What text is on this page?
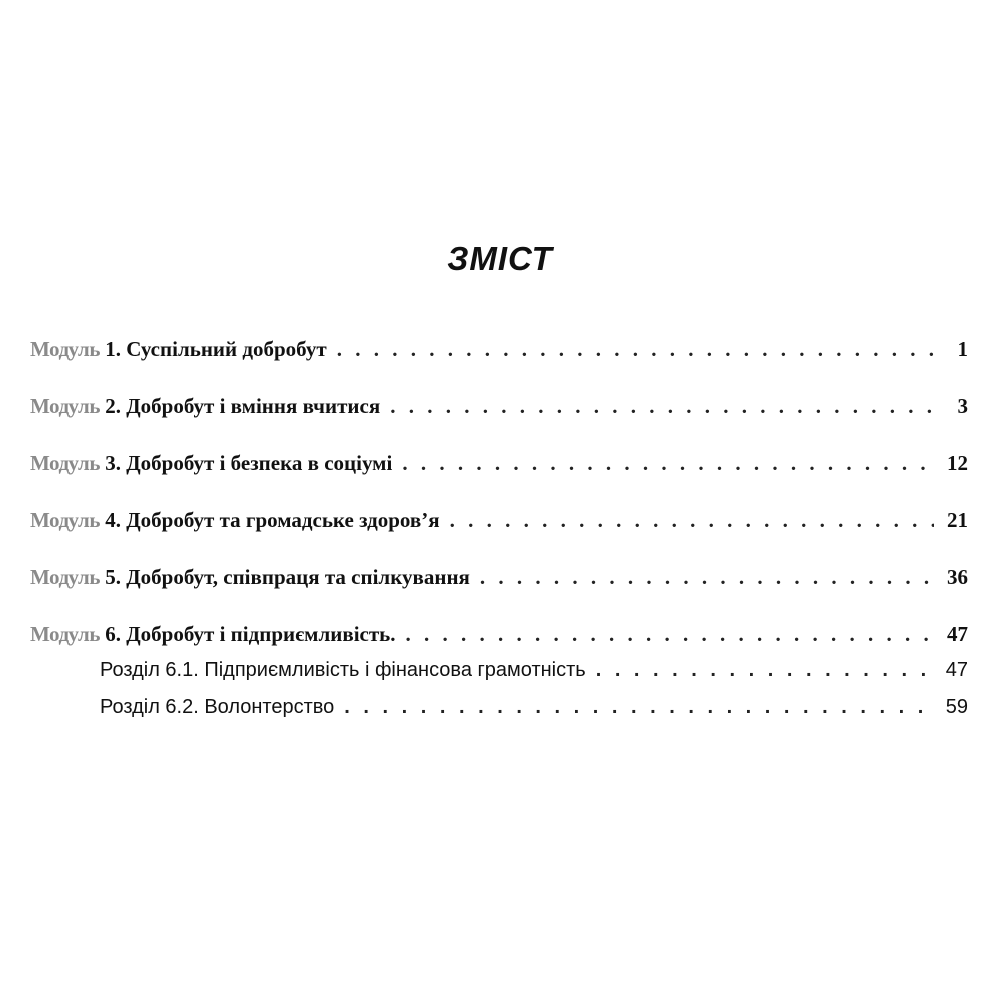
ЗМІСТ
Модуль 1. Суспільний добробут . . .	1
Модуль 2. Добробут і вміння вчитися . . .	3
Модуль 3. Добробут і безпека в соціумі . . .	12
Модуль 4. Добробут та громадське здоров’я . . .	21
Модуль 5. Добробут, співпраця та спілкування . . .	36
Модуль 6. Добробут і підприємливість. . . .	47
Розділ 6.1. Підприємливість і фінансова грамотність . . .	47
Розділ 6.2. Волонтерство . . .	59
